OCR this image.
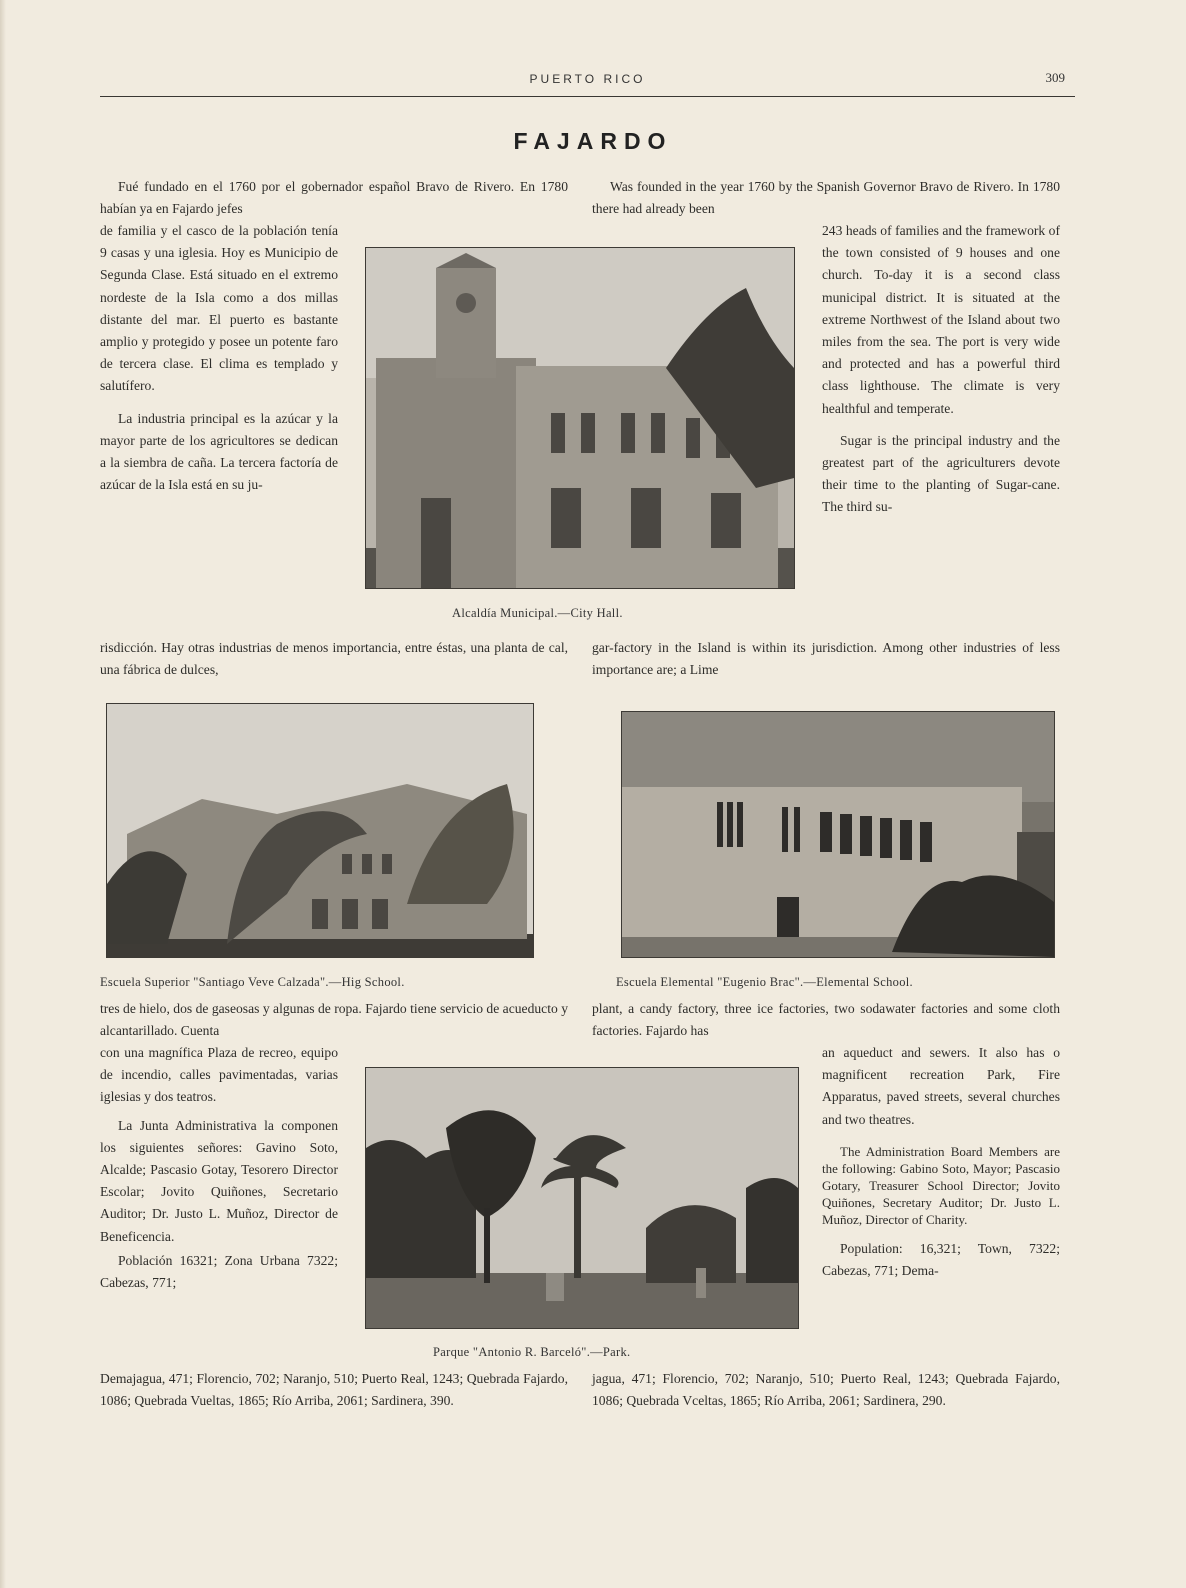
PUERTO RICO	309
FAJARDO

Fué fundado en el 1760 por el gobernador español Bravo de Rivero. En 1780 habían ya en Fajardo jefes

de familia y el casco de la población tenía 9 casas y una iglesia. Hoy es Municipio de Segunda Clase. Está situado en el extremo nordeste de la Isla como a dos millas distante del mar. El puerto es bastante amplio y protegido y posee un potente faro de tercera clase. El clima es templado y salutífero.

La industria principal es la azúcar y la mayor parte de los agricultores se dedican a la siembra de caña. La tercera factoría de azúcar de la Isla está en su ju-

Was founded in the year 1760 by the Spanish Governor Bravo de Rivero. In 1780 there had already been

243 heads of families and the framework of the town consisted of 9 houses and one church. To-day it is a second class municipal district. It is situated at the extreme Northwest of the Island about two miles from the sea. The port is very wide and protected and has a powerful third class lighthouse. The climate is very healthful and temperate.

Sugar is the principal industry and the greatest part of the agriculturers devote their time to the planting of Sugar-cane. The third su-

risdicción. Hay otras industrias de menos importancia, entre éstas, una planta de cal, una fábrica de dulces,

gar-factory in the Island is within its jurisdiction. Among other industries of less importance are; a Lime

Alcaldía Municipal.—City Hall.
Escuela Superior "Santiago Veve Calzada".—Hig School.	Escuela Elemental "Eugenio Brac".—Elemental School.

tres de hielo, dos de gaseosas y algunas de ropa. Fajardo tiene servicio de acueducto y alcantarillado. Cuenta

con una magnífica Plaza de recreo, equipo de incendio, calles pavimentadas, varias iglesias y dos teatros.

La Junta Administrativa la componen los siguientes señores: Gavino Soto, Alcalde; Pascasio Gotay, Tesorero Director Escolar; Jovito Quiñones, Secretario Auditor; Dr. Justo L. Muñoz, Director de Beneficencia.

Población 16321; Zona Urbana 7322; Cabezas, 771;

Demajagua, 471; Florencio, 702; Naranjo, 510; Puerto Real, 1243; Quebrada Fajardo, 1086; Quebrada Vueltas, 1865; Río Arriba, 2061; Sardinera, 390.

plant, a candy factory, three ice factories, two sodawater factories and some cloth factories. Fajardo has

an aqueduct and sewers. It also has o magnificent recreation Park, Fire Apparatus, paved streets, several churches and two theatres.

The Administration Board Members are the following: Gabino Soto, Mayor; Pascasio Gotary, Treasurer School Director; Jovito Quiñones, Secretary Auditor; Dr. Justo L. Muñoz, Director of Charity.

Population: 16,321; Town, 7322; Cabezas, 771; Dema-

jagua, 471; Florencio, 702; Naranjo, 510; Puerto Real, 1243; Quebrada Fajardo, 1086; Quebrada Vceltas, 1865; Río Arriba, 2061; Sardinera, 290.

Parque "Antonio R. Barceló".—Park.
